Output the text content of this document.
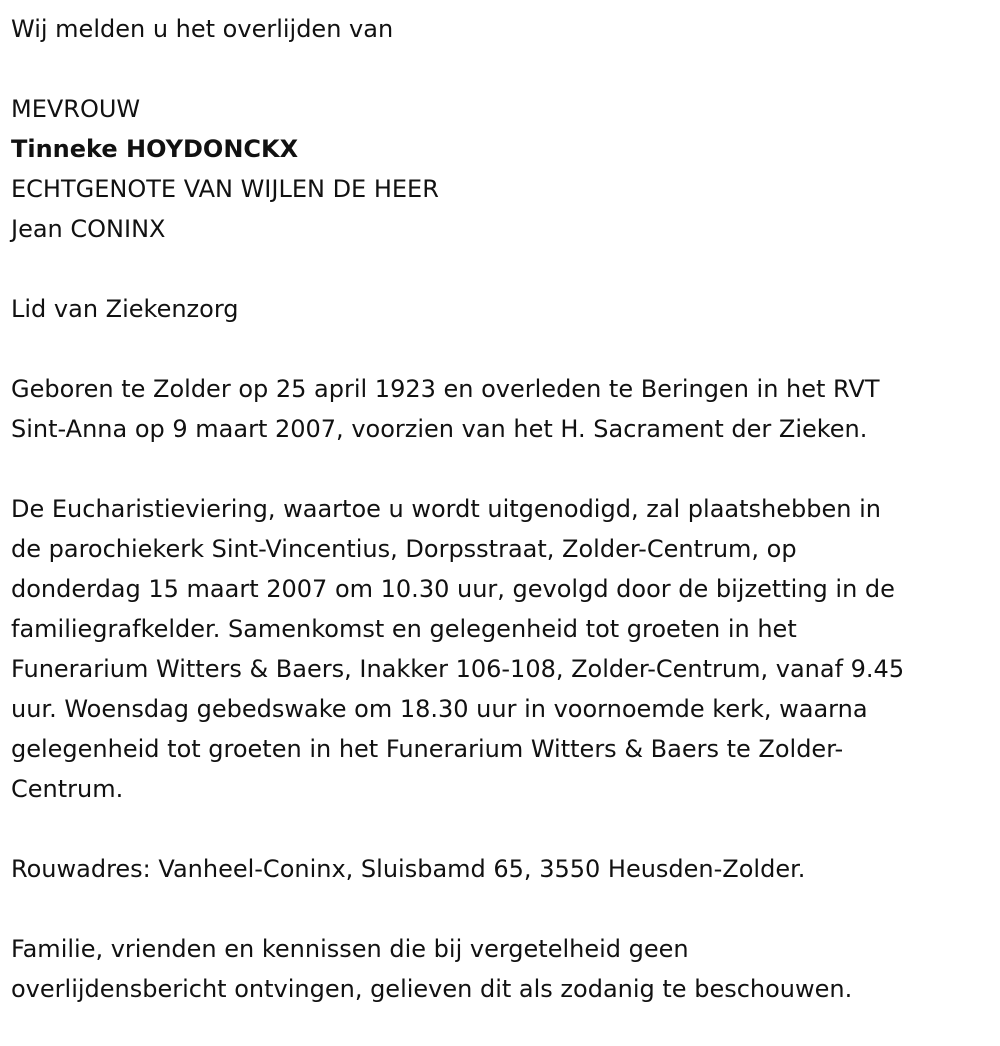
Wij melden u het overlijden van
MEVROUW
Tinneke HOYDONCKX
ECHTGENOTE VAN WIJLEN DE HEER
Jean CONINX
Lid van Ziekenzorg
Geboren te Zolder op 25 april 1923 en overleden te Beringen in het RVT
Sint-Anna op 9 maart 2007, voorzien van het H. Sacrament der Zieken.
De Eucharistieviering, waartoe u wordt uitgenodigd, zal plaatshebben in
de parochiekerk Sint-Vincentius, Dorpsstraat, Zolder-Centrum, op
donderdag 15 maart 2007 om 10.30 uur, gevolgd door de bijzetting in de
familiegrafkelder. Samenkomst en gelegenheid tot groeten in het
Funerarium Witters & Baers, Inakker 106-108, Zolder-Centrum, vanaf 9.45
uur. Woensdag gebedswake om 18.30 uur in voornoemde kerk, waarna
gelegenheid tot groeten in het Funerarium Witters & Baers te Zolder-
Centrum.
Rouwadres: Vanheel-Coninx, Sluisbamd 65, 3550 Heusden-Zolder.
Familie, vrienden en kennissen die bij vergetelheid geen
overlijdensbericht ontvingen, gelieven dit als zodanig te beschouwen.
